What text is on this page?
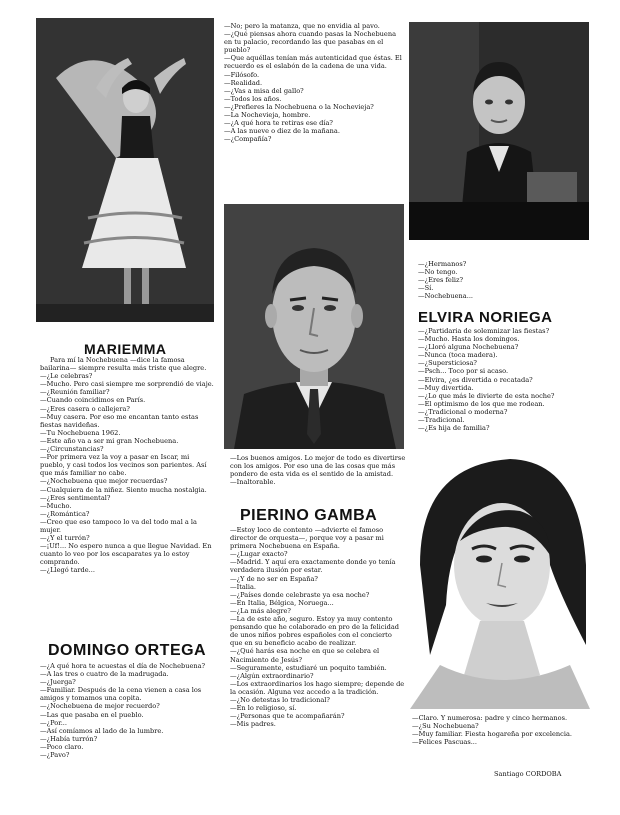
MARIEMMA
DOMINGO ORTEGA
PIERINO GAMBA
ELVIRA NORIEGA

Para mí la Nochebuena —dice la famosa bailarina— siempre resulta más triste que alegre.

—¿Le celebras?

—Mucho. Pero casi siempre me sorprendió de viaje.

—¿Reunión familiar?

—Cuando coincidimos en París.

—¿Eres casera o callejera?

—Muy casera. Por eso me encantan tanto estas fiestas navideñas.

—Tu Nochebuena 1962.

—Este año va a ser mi gran Nochebuena.

—¿Circunstancias?

—Por primera vez la voy a pasar en Iscar, mi pueblo, y casi todos los vecinos son parientes. Así que más familiar no cabe.

—¿Nochebuena que mejor recuerdas?

—Cualquiera de la niñez. Siento mucha nostalgia.

—¿Eres sentimental?

—Mucho.

—¿Romántica?

—Creo que eso tampoco lo va del todo mal a la mujer.

—¿Y el turrón?

—¡Uf!... No espero nunca a que llegue Navidad. En cuanto lo veo por los escaparates ya lo estoy comprando.

—¿Llegó tarde...

—¿A qué hora te acuestas el día de Nochebuena?

—A las tres o cuatro de la madrugada.

—¿Juerga?

—Familiar. Después de la cena vienen a casa los amigos y tomamos una copita.

—¿Nochebuena de mejor recuerdo?

—Las que pasaba en el pueblo.

—¿Por...

—Así comíamos al lado de la lumbre.

—¿Había turrón?

—Poco claro.

—¿Pavo?

—No; pero la matanza, que no envidia al pavo.

—¿Qué piensas ahora cuando pasas la Nochebuena en tu palacio, recordando las que pasabas en el pueblo?

—Que aquéllas tenían más autenticidad que éstas. El recuerdo es el eslabón de la cadena de una vida.

—Filósofo.

—Realidad.

—¿Vas a misa del gallo?

—Todos los años.

—¿Prefieres la Nochebuena o la Nochevieja?

—La Nochevieja, hombre.

—¿A qué hora te retiras ese día?

—A las nueve o diez de la mañana.

—¿Compañía?

—Los buenos amigos. Lo mejor de todo es divertirse con los amigos. Por eso una de las cosas que más pondero de esta vida es el sentido de la amistad.

—Inaltorable.

—Estoy loco de contento —advierte el famoso director de orquesta—, porque voy a pasar mi primera Nochebuena en España.

—¿Lugar exacto?

—Madrid. Y aquí era exactamente donde yo tenía verdadera ilusión por estar.

—¿Y de no ser en España?

—Italia.

—¿Países donde celebraste ya esa noche?

—En Italia, Bélgica, Noruega...

—¿La más alegre?

—La de este año, seguro. Estoy ya muy contento pensando que he colaborado en pro de la felicidad de unos niños pobres españoles con el concierto que en su beneficio acabo de realizar.

—¿Qué harás esa noche en que se celebra el Nacimiento de Jesús?

—Seguramente, estudiaré un poquito también.

—¿Algún extraordinario?

—Los extraordinarios los hago siempre; depende de la ocasión. Alguna vez accedo a la tradición.

—¿No detestas lo tradicional?

—En lo religioso, sí.

—¿Personas que te acompañarán?

—Mis padres.

—¿Hermanos?

—No tengo.

—¿Eres feliz?

—Sí.

—Nochebuena...

—¿Partidaria de solemnizar las fiestas?

—Mucho. Hasta los domingos.

—¿Lloró alguna Nochebuena?

—Nunca (toca madera).

—¿Supersticiosa?

—Psch... Toco por si acaso.

—Elvira, ¿es divertida o recatada?

—Muy divertida.

—¿Lo que más le divierte de esta noche?

—El optimismo de los que me rodean.

—¿Tradicional o moderna?

—Tradicional.

—¿Es hija de familia?

—Claro. Y numerosa: padre y cinco hermanos.

—¿Su Nochebuena?

—Muy familiar. Fiesta hogareña por excelencia.

—Felices Pascuas...

Santiago CORDOBA
